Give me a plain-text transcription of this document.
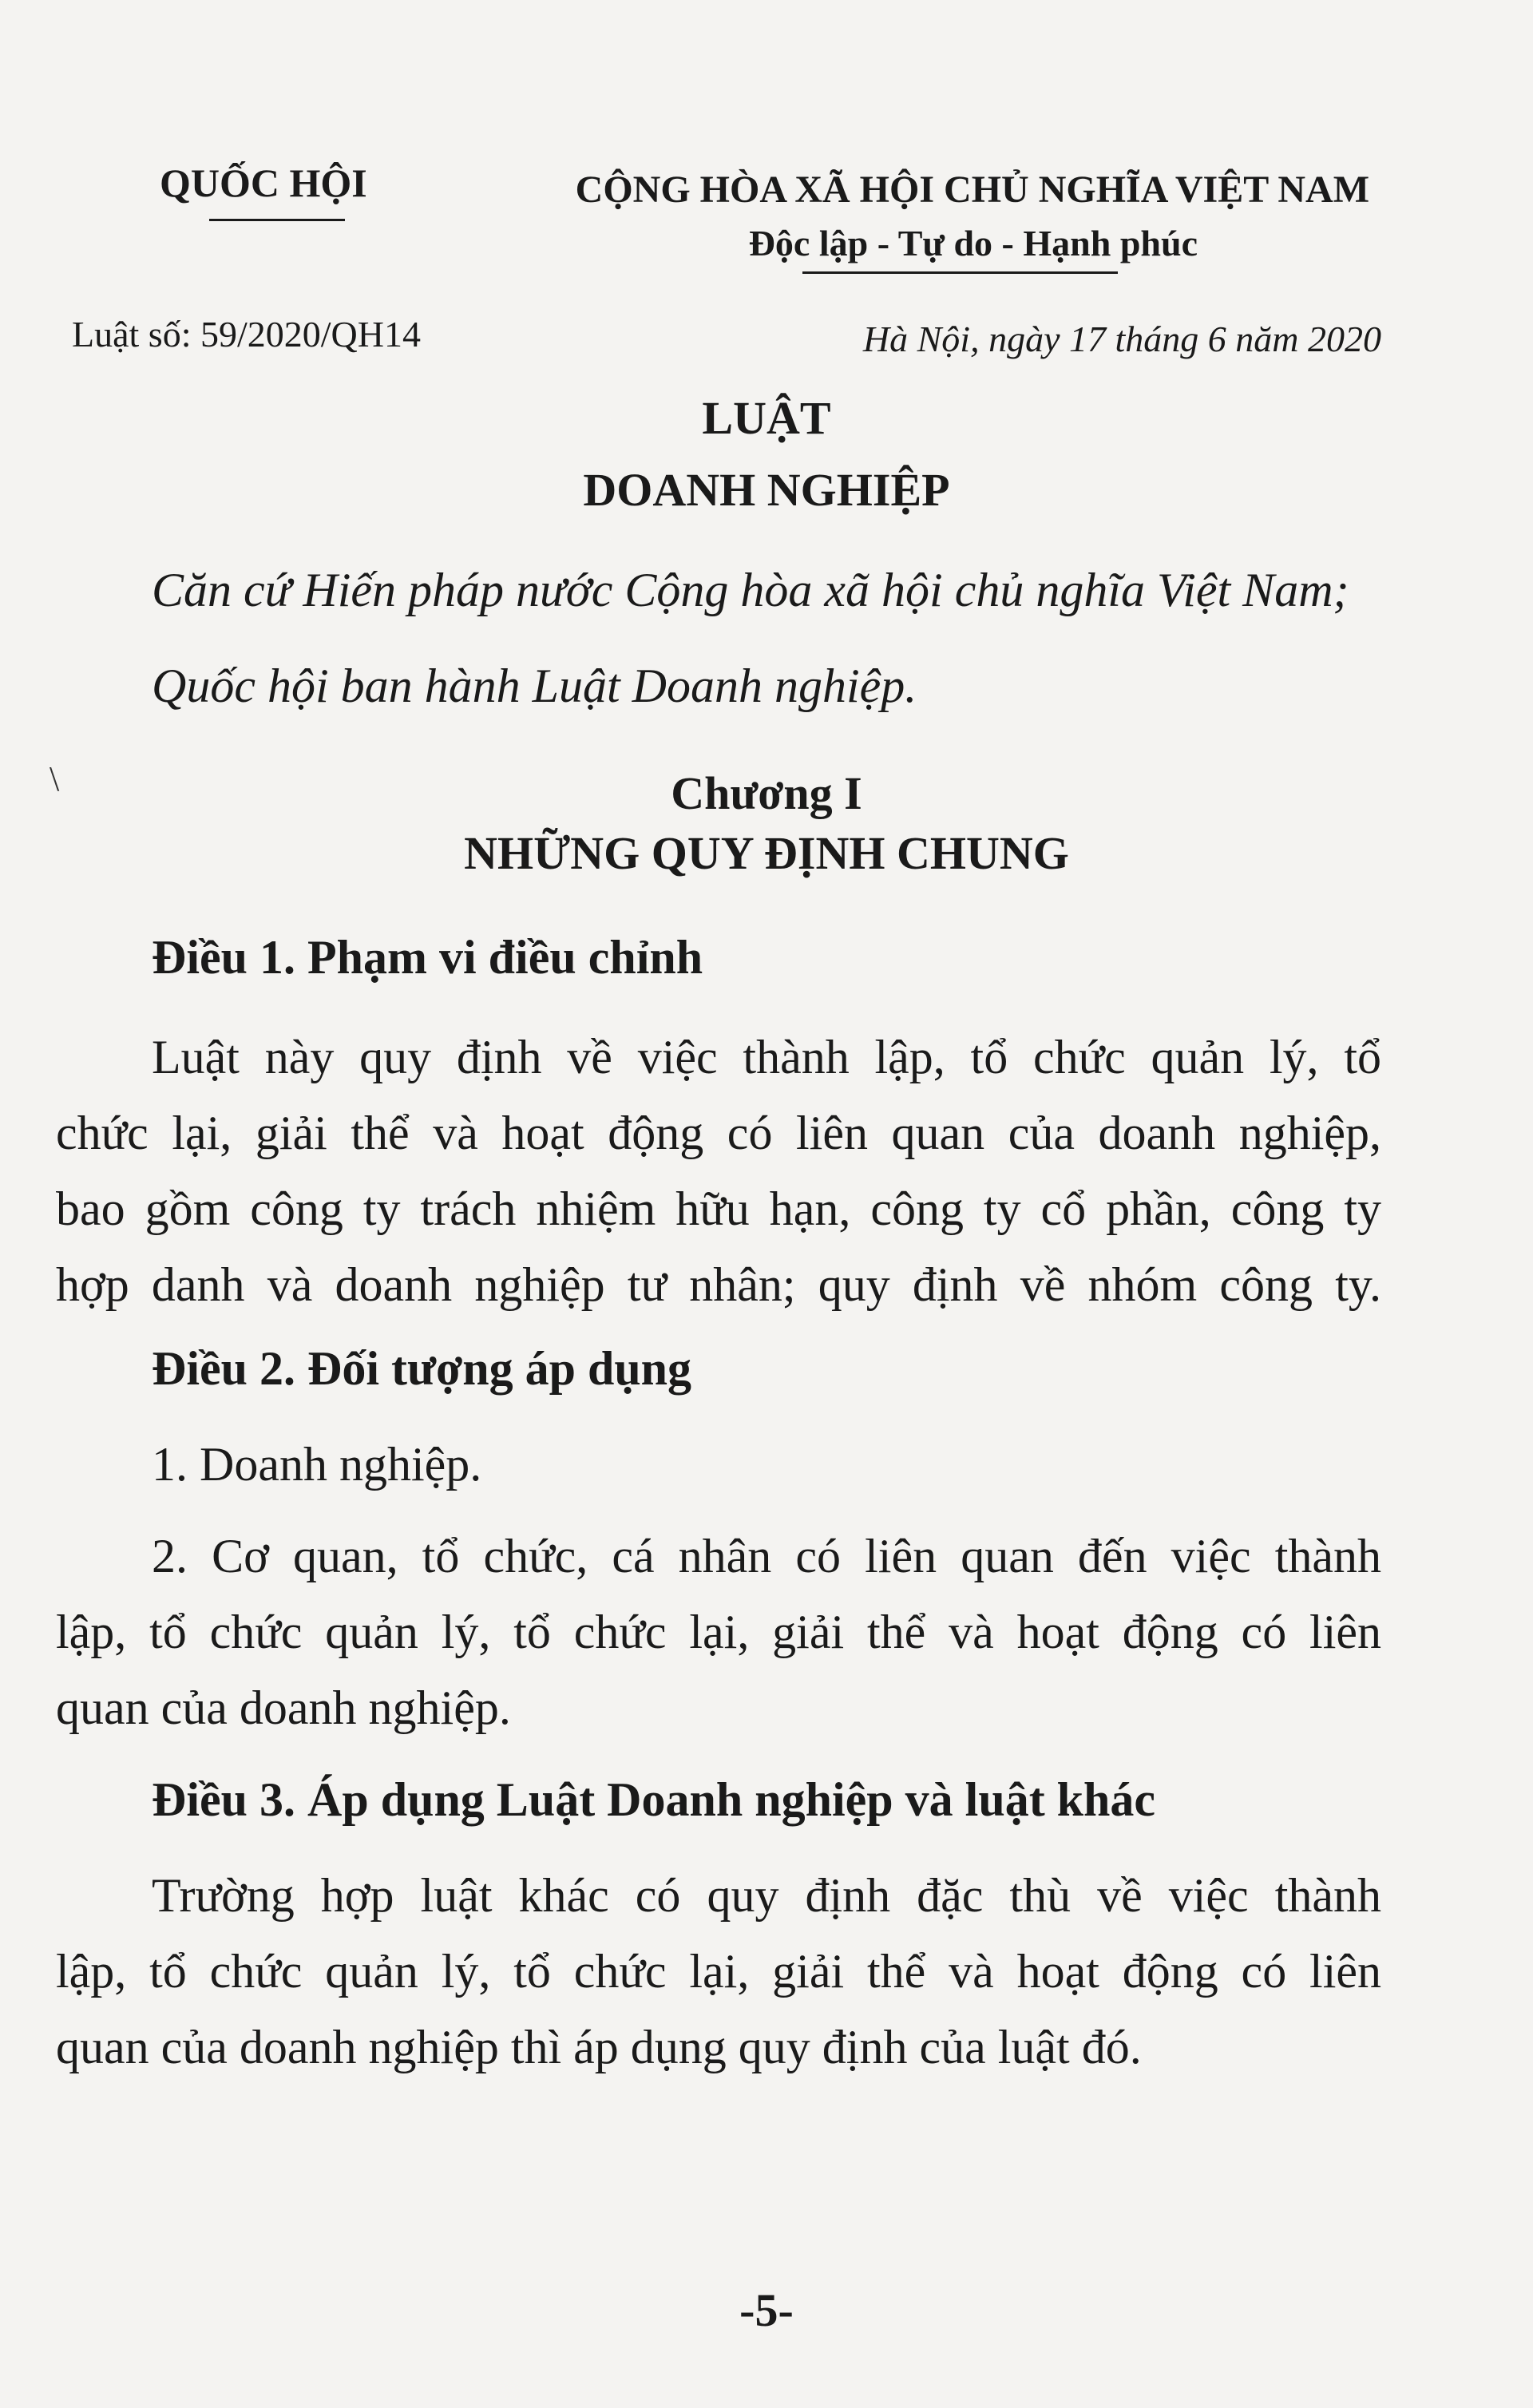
QUỐC HỘI	CỘNG HÒA XÃ HỘI CHỦ NGHĨA VIỆT NAM
Độc lập - Tự do - Hạnh phúc
Luật số: 59/2020/QH14	Hà Nội, ngày 17 tháng 6 năm 2020
LUẬT
DOANH NGHIỆP
Căn cứ Hiến pháp nước Cộng hòa xã hội chủ nghĩa Việt Nam;
Quốc hội ban hành Luật Doanh nghiệp.
\	Chương I
NHỮNG QUY ĐỊNH CHUNG
Điều 1. Phạm vi điều chỉnh
Luật này quy định về việc thành lập, tổ chức quản lý, tổ
chức lại, giải thể và hoạt động có liên quan của doanh nghiệp,
bao gồm công ty trách nhiệm hữu hạn, công ty cổ phần, công ty
hợp danh và doanh nghiệp tư nhân; quy định về nhóm công ty.
Điều 2. Đối tượng áp dụng
1. Doanh nghiệp.
2. Cơ quan, tổ chức, cá nhân có liên quan đến việc thành
lập, tổ chức quản lý, tổ chức lại, giải thể và hoạt động có liên
quan của doanh nghiệp.
Điều 3. Áp dụng Luật Doanh nghiệp và luật khác
Trường hợp luật khác có quy định đặc thù về việc thành
lập, tổ chức quản lý, tổ chức lại, giải thể và hoạt động có liên
quan của doanh nghiệp thì áp dụng quy định của luật đó.
-5-
